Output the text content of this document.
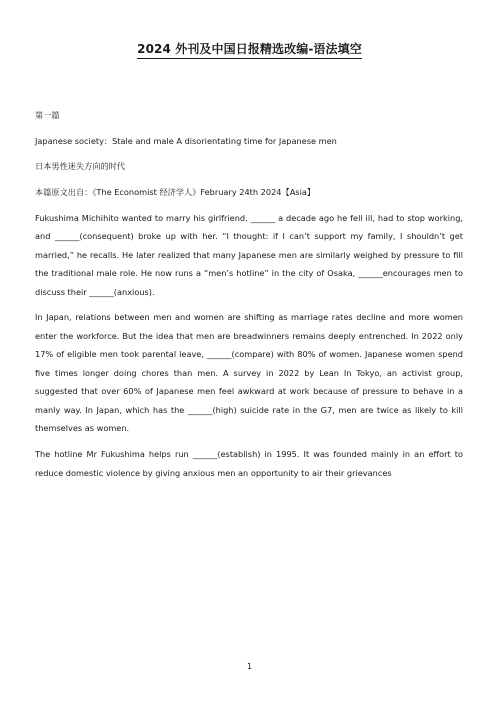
2024 外刊及中国日报精选改编-语法填空

第一篇

Japanese society：Stale and male A disorientating time for Japanese men

日本男性迷失方向的时代

本篇原文出自：《The Economist 经济学人》February 24th 2024【Asia】

Fukushima Michihito wanted to marry his girlfriend. ______ a decade ago he fell ill, had to stop working, and ______(consequent) broke up with her. “I thought: if I can’t support my family, I shouldn’t get married,” he recalls. He later realized that many Japanese men are similarly weighed by pressure to fill the traditional male role. He now runs a “men’s hotline” in the city of Osaka, ______encourages men to discuss their ______(anxious).

In Japan, relations between men and women are shifting as marriage rates decline and more women enter the workforce. But the idea that men are breadwinners remains deeply entrenched. In 2022 only 17% of eligible men took parental leave, ______(compare) with 80% of women. Japanese women spend five times longer doing chores than men. A survey in 2022 by Lean In Tokyo, an activist group, suggested that over 60% of Japanese men feel awkward at work because of pressure to behave in a manly way. In Japan, which has the ______(high) suicide rate in the G7, men are twice as likely to kill themselves as women.

The hotline Mr Fukushima helps run ______(establish) in 1995. It was founded mainly in an effort to reduce domestic violence by giving anxious men an opportunity to air their grievances

1
